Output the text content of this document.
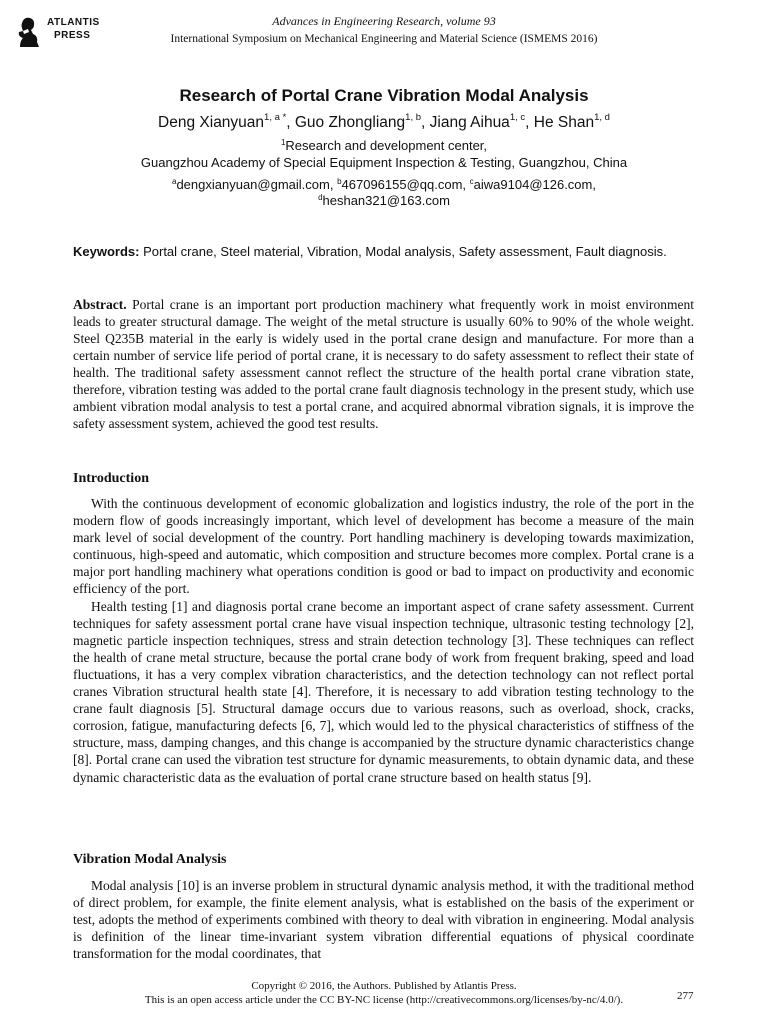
ATLANTIS
PRESS
Advances in Engineering Research, volume 93
International Symposium on Mechanical Engineering and Material Science (ISMEMS 2016)
Research of Portal Crane Vibration Modal Analysis
Deng Xianyuan$^{1, a *}$, Guo Zhongliang$^{1, b}$, Jiang Aihua$^{1, c}$, He Shan$^{1, d}$
$^1$Research and development center,
Guangzhou Academy of Special Equipment Inspection & Testing, Guangzhou, China
$^a$dengxianyuan@gmail.com, $^b$467096155@qq.com, $^c$aiwa9104@126.com,
$^d$heshan321@163.com
Keywords: Portal crane, Steel material, Vibration, Modal analysis, Safety assessment, Fault diagnosis.
Abstract. Portal crane is an important port production machinery what frequently work in moist environment leads to greater structural damage. The weight of the metal structure is usually 60% to 90% of the whole weight. Steel Q235B material in the early is widely used in the portal crane design and manufacture. For more than a certain number of service life period of portal crane, it is necessary to do safety assessment to reflect their state of health. The traditional safety assessment cannot reflect the structure of the health portal crane vibration state, therefore, vibration testing was added to the portal crane fault diagnosis technology in the present study, which use ambient vibration modal analysis to test a portal crane, and acquired abnormal vibration signals, it is improve the safety assessment system, achieved the good test results.
Introduction

With the continuous development of economic globalization and logistics industry, the role of the port in the modern flow of goods increasingly important, which level of development has become a measure of the main mark level of social development of the country. Port handling machinery is developing towards maximization, continuous, high-speed and automatic, which composition and structure becomes more complex. Portal crane is a major port handling machinery what operations condition is good or bad to impact on productivity and economic efficiency of the port.

Health testing [1] and diagnosis portal crane become an important aspect of crane safety assessment. Current techniques for safety assessment portal crane have visual inspection technique, ultrasonic testing technology [2], magnetic particle inspection techniques, stress and strain detection technology [3]. These techniques can reflect the health of crane metal structure, because the portal crane body of work from frequent braking, speed and load fluctuations, it has a very complex vibration characteristics, and the detection technology can not reflect portal cranes Vibration structural health state [4]. Therefore, it is necessary to add vibration testing technology to the crane fault diagnosis [5]. Structural damage occurs due to various reasons, such as overload, shock, cracks, corrosion, fatigue, manufacturing defects [6, 7], which would led to the physical characteristics of stiffness of the structure, mass, damping changes, and this change is accompanied by the structure dynamic characteristics change [8]. Portal crane can used the vibration test structure for dynamic measurements, to obtain dynamic data, and these dynamic characteristic data as the evaluation of portal crane structure based on health status [9].

Vibration Modal Analysis

Modal analysis [10] is an inverse problem in structural dynamic analysis method, it with the traditional method of direct problem, for example, the finite element analysis, what is established on the basis of the experiment or test, adopts the method of experiments combined with theory to deal with vibration in engineering. Modal analysis is definition of the linear time-invariant system vibration differential equations of physical coordinate transformation for the modal coordinates, that

Copyright © 2016, the Authors. Published by Atlantis Press.
This is an open access article under the CC BY-NC license (http://creativecommons.org/licenses/by-nc/4.0/).	277
